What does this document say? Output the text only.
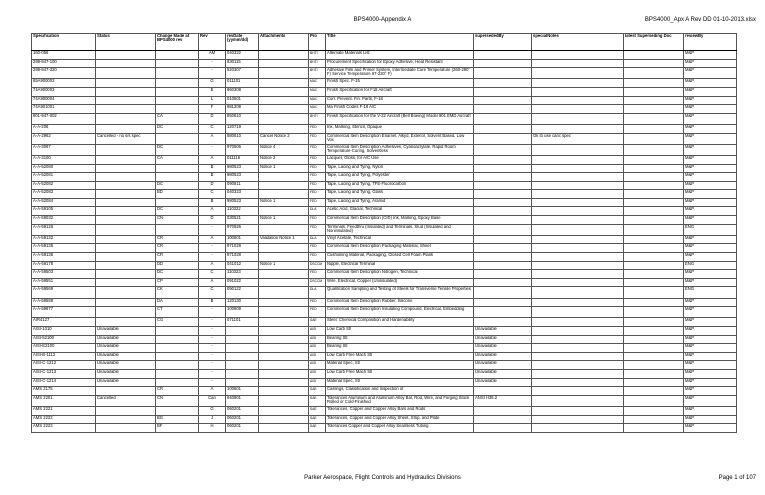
BPS4000-Appendix A	BPS4000_Apx A Rev DD 01-10-2013.xlsx
Specification	Status	Change Made at BPS4000 rev	Rev	revDate (yymm/dd)	Attachments	Pro	Title	supersededBy	specialNotes	latest Superseding Doc	reviewBy
160-056			AM	040322		BHTI	Alternate Materials List				M&P
299-947-100			-	830115		BHTI	Procurement Specification for Epoxy Adhesive, Heat Resistant				M&P
299-947-320			-	920307		BHTI	Adhesive Film and Primer System, Intermediate Cure Temperature (260-290° F) Service Temperature 67-220° F)				M&P
65A900003			G	011101		MAC	Finish Spec. F-15				M&P
74A900003			E	960308		MAC	Finish Specification for F18 Aircraft				M&P
74A900004			L	010501		MAC	Corr. Prevent. Fin. Parts, F-18				M&P
74A901001			F	981208		MAC	Ma Finish Codes F-18 A/C				M&P
901-947-002		CA	D	850610		BHTI	Finish Specification for the V-22 Aircraft (Bell Boeing) Model 901 EMD Aircraft				M&P
A-A-208		DC	C	120719		FED	Ink, Marking, Stencil, Opaque				M&P
A-A-2962	Cancelled - no s/s spec		A	880610	Cancel Notice 2	FED	Commercial Item Description Enamel, Alkyd, Exterior, Solvent Based, Low Voc		Ok to use canc spec		M&P
A-A-3097		DC	-	970506	Notice 4	FED	Commercial Item Description Adhesives, Cyanoacrylate, Rapid Room Temperature-Curing, Solventless				M&P
A-A-3100		CA	A	011116	Notice 2	FED	Lacquer, Gloss, for A/C Use				M&P
A-A-52080			B	980523	Notice 1	FED	Tape, Lacing and Tying, Nylon				M&P
A-A-52081			B	980523		FED	Tape, Lacing and Tying, Polyester				M&P
A-A-52082		DC	D	090811		FED	Tape, Lacing and Tying, TFE-Fluorocarbon				M&P
A-A-52083		BD	C	040323		FED	Tape, Lacing and Tying, Glass				M&P
A-A-52084			B	980523	Notice 1	FED	Tape, Lacing and Tying, Aramid				M&P
A-A-59105		DC	A	110322		DLA	Acetic Acid, Glacial, Technical				M&P
A-A-59032		CN	D	030521	Notice 1	FED	Commercial Item Description (CID) Ink, Marking, Epoxy Base				M&P
A-A-59126			-	970926		FED	Terminals, Feedthru (Insulated) and Terminals, Stud (Insulated and Noninsulated)				ENG
A-A-59132		CR	A	100601	Validation Notice 1	DLA	Vinyl Acetate, Technical				M&P
A-A-59135		CR	-	971028		FED	Commercial Item Description Packaging Material, Sheet				M&P
A-A-59136		CR	-	971028		FED	Cushioning Material, Packaging, Closed Cell Foam Plank				M&P
A-A-59178		DD	A	041012	Notice 1	DSCCM	Nipple, Electrical Terminal				ENG
A-A-59503		DC	C	110323		FED	Commercial Item Description Nitrogen, Technical				M&P
A-A-59551		CP	A	091022		DSCCM	Wire, Electrical, Copper (Uninsulated)				M&P
A-A-59569		CK	C	090122		DLA	Qualification Sampling and Testing of Steels for Transverse Tensile Properties				ENG
A-A-59588		DA	B	120130		FED	Commercial Item Description Rubber, Silicone				M&P
A-A-59877		CT	-	100909		FED	Commercial Item Description Insulating Compound, Electrical, Embedding				M&P
AIR4127		CG	-	071101		SAE	Steel: Chemical Composition and Hardenability				M&P
AISI-1010	Unavailable		-			AISI	Low Carb Stl	Unavailable			M&P
AISI-52100	Unavailable		-			AISI	Bearing Stl	Unavailable			M&P
AISI-E2100	Unavailable		-			AISI	Bearing Stl	Unavailable			M&P
AISI-B-1112	Unavailable		-			AISI	Low Carb Free Mach Stl	Unavailable			M&P
AISI-C-1212	Unavailable		-			AISI	Material Spec, Stl	Unavailable			M&P
AISI-C-1213	Unavailable		-			AISI	Low Carb Free Mach Stl	Unavailable			M&P
AISI-C-1214	Unavailable		-			AISI	Material Spec, Stl	Unavailable			M&P
AMS 2175		CR	A	100601		SAE	Castings, Classification and Inspection of				M&P
AMS 2201	Cancelled	CN	Can	940901		SAE	Tolerances Aluminum and Aluminum Alloy Bar, Rod, Wire, and Forging Stock Rolled or Cold-Finished	ANSI H35.2			M&P
AMS 2221			G	060201		SAE	Tolerances, Copper and Copper Alloy Bars and Rods				M&P
AMS 2222		BG	J	060201		SAE	Tolerances, Copper and Copper Alloy Sheet, Strip, and Plate				M&P
AMS 2223		BF	H	060201		SAE	Tolerances Copper and Copper Alloy Seamless Tubing				M&P
Parker Aerospace, Flight Controls and Hydraulics Divisions	Page 1 of 107
